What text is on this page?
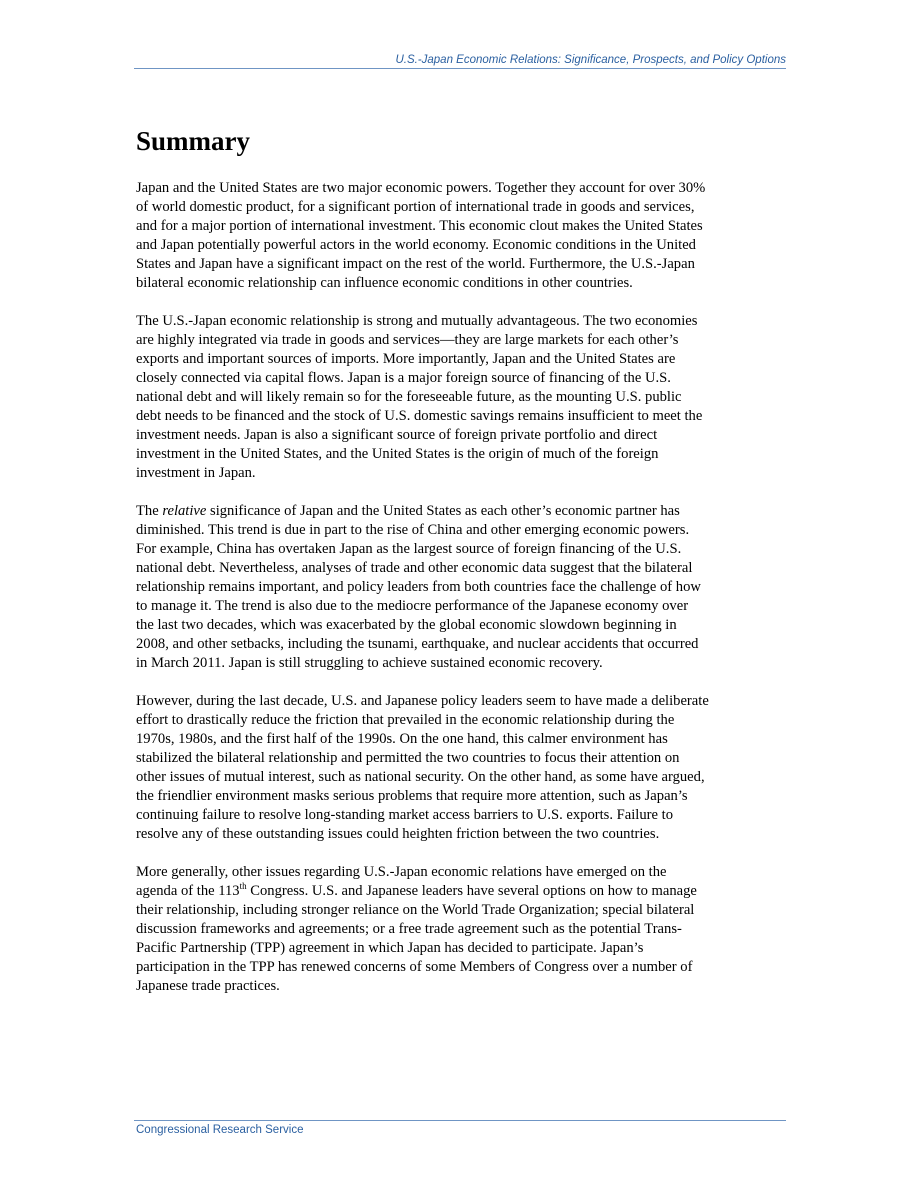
U.S.-Japan Economic Relations: Significance, Prospects, and Policy Options
Summary

Japan and the United States are two major economic powers. Together they account for over 30%
of world domestic product, for a significant portion of international trade in goods and services,
and for a major portion of international investment. This economic clout makes the United States
and Japan potentially powerful actors in the world economy. Economic conditions in the United
States and Japan have a significant impact on the rest of the world. Furthermore, the U.S.-Japan
bilateral economic relationship can influence economic conditions in other countries.

The U.S.-Japan economic relationship is strong and mutually advantageous. The two economies
are highly integrated via trade in goods and services—they are large markets for each other’s
exports and important sources of imports. More importantly, Japan and the United States are
closely connected via capital flows. Japan is a major foreign source of financing of the U.S.
national debt and will likely remain so for the foreseeable future, as the mounting U.S. public
debt needs to be financed and the stock of U.S. domestic savings remains insufficient to meet the
investment needs. Japan is also a significant source of foreign private portfolio and direct
investment in the United States, and the United States is the origin of much of the foreign
investment in Japan.

The relative significance of Japan and the United States as each other’s economic partner has
diminished. This trend is due in part to the rise of China and other emerging economic powers.
For example, China has overtaken Japan as the largest source of foreign financing of the U.S.
national debt. Nevertheless, analyses of trade and other economic data suggest that the bilateral
relationship remains important, and policy leaders from both countries face the challenge of how
to manage it. The trend is also due to the mediocre performance of the Japanese economy over
the last two decades, which was exacerbated by the global economic slowdown beginning in
2008, and other setbacks, including the tsunami, earthquake, and nuclear accidents that occurred
in March 2011. Japan is still struggling to achieve sustained economic recovery.

However, during the last decade, U.S. and Japanese policy leaders seem to have made a deliberate
effort to drastically reduce the friction that prevailed in the economic relationship during the
1970s, 1980s, and the first half of the 1990s. On the one hand, this calmer environment has
stabilized the bilateral relationship and permitted the two countries to focus their attention on
other issues of mutual interest, such as national security. On the other hand, as some have argued,
the friendlier environment masks serious problems that require more attention, such as Japan’s
continuing failure to resolve long-standing market access barriers to U.S. exports. Failure to
resolve any of these outstanding issues could heighten friction between the two countries.

More generally, other issues regarding U.S.-Japan economic relations have emerged on the
agenda of the 113th Congress. U.S. and Japanese leaders have several options on how to manage
their relationship, including stronger reliance on the World Trade Organization; special bilateral
discussion frameworks and agreements; or a free trade agreement such as the potential Trans-
Pacific Partnership (TPP) agreement in which Japan has decided to participate. Japan’s
participation in the TPP has renewed concerns of some Members of Congress over a number of
Japanese trade practices.

Congressional Research Service
